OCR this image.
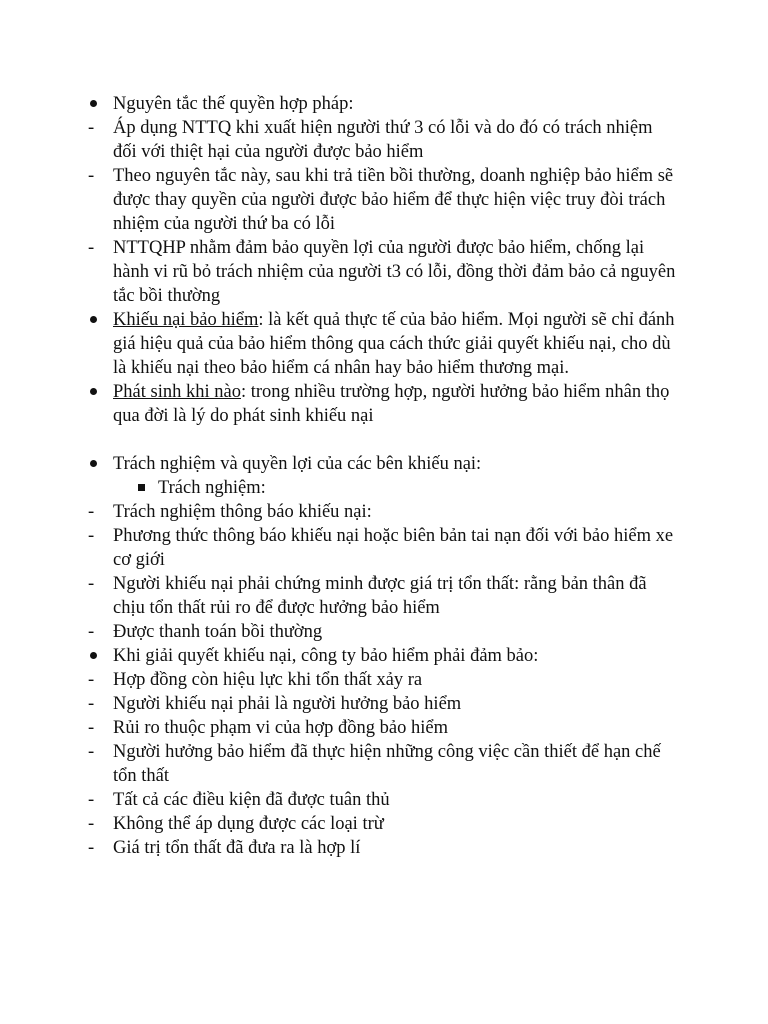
Nguyên tắc thế quyền hợp pháp:
-	Áp dụng NTTQ khi xuất hiện người thứ 3 có lỗi và do đó có trách nhiệm đối với thiệt hại của người được bảo hiểm
-	Theo nguyên tắc này, sau khi trả tiền bồi thường, doanh nghiệp bảo hiểm sẽ được thay quyền của người được bảo hiểm để thực hiện việc truy đòi trách nhiệm của người thứ ba có lỗi
-	NTTQHP nhằm đảm bảo quyền lợi của người được bảo hiểm, chống lại hành vi rũ bỏ trách nhiệm của người t3 có lỗi, đồng thời đảm bảo cả nguyên tắc bồi thường
Khiếu nại bảo hiểm: là kết quả thực tế của bảo hiểm. Mọi người sẽ chỉ đánh giá hiệu quả của bảo hiểm thông qua cách thức giải quyết khiếu nại, cho dù là khiếu nại theo bảo hiểm cá nhân hay bảo hiểm thương mại.
Phát sinh khi nào: trong nhiều trường hợp, người hưởng bảo hiểm nhân thọ qua đời là lý do phát sinh khiếu nại
Trách nghiệm và quyền lợi của các bên khiếu nại:
Trách nghiệm:
-	Trách nghiệm thông báo khiếu nại:
-	Phương thức thông báo khiếu nại hoặc biên bản tai nạn đối với bảo hiểm xe cơ giới
-	Người khiếu nại phải chứng minh được giá trị tổn thất: rằng bản thân đã chịu tổn thất rủi ro để được hưởng bảo hiểm
-	Được thanh toán bồi thường
Khi giải quyết khiếu nại, công ty bảo hiểm phải đảm bảo:
-	Hợp đồng còn hiệu lực khi tổn thất xảy ra
-	Người khiếu nại phải là người hưởng bảo hiểm
-	Rủi ro thuộc phạm vi của hợp đồng bảo hiểm
-	Người hưởng bảo hiểm đã thực hiện những công việc cần thiết để hạn chế tổn thất
-	Tất cả các điều kiện đã được tuân thủ
-	Không thể áp dụng được các loại trừ
-	Giá trị tổn thất đã đưa ra là hợp lí
